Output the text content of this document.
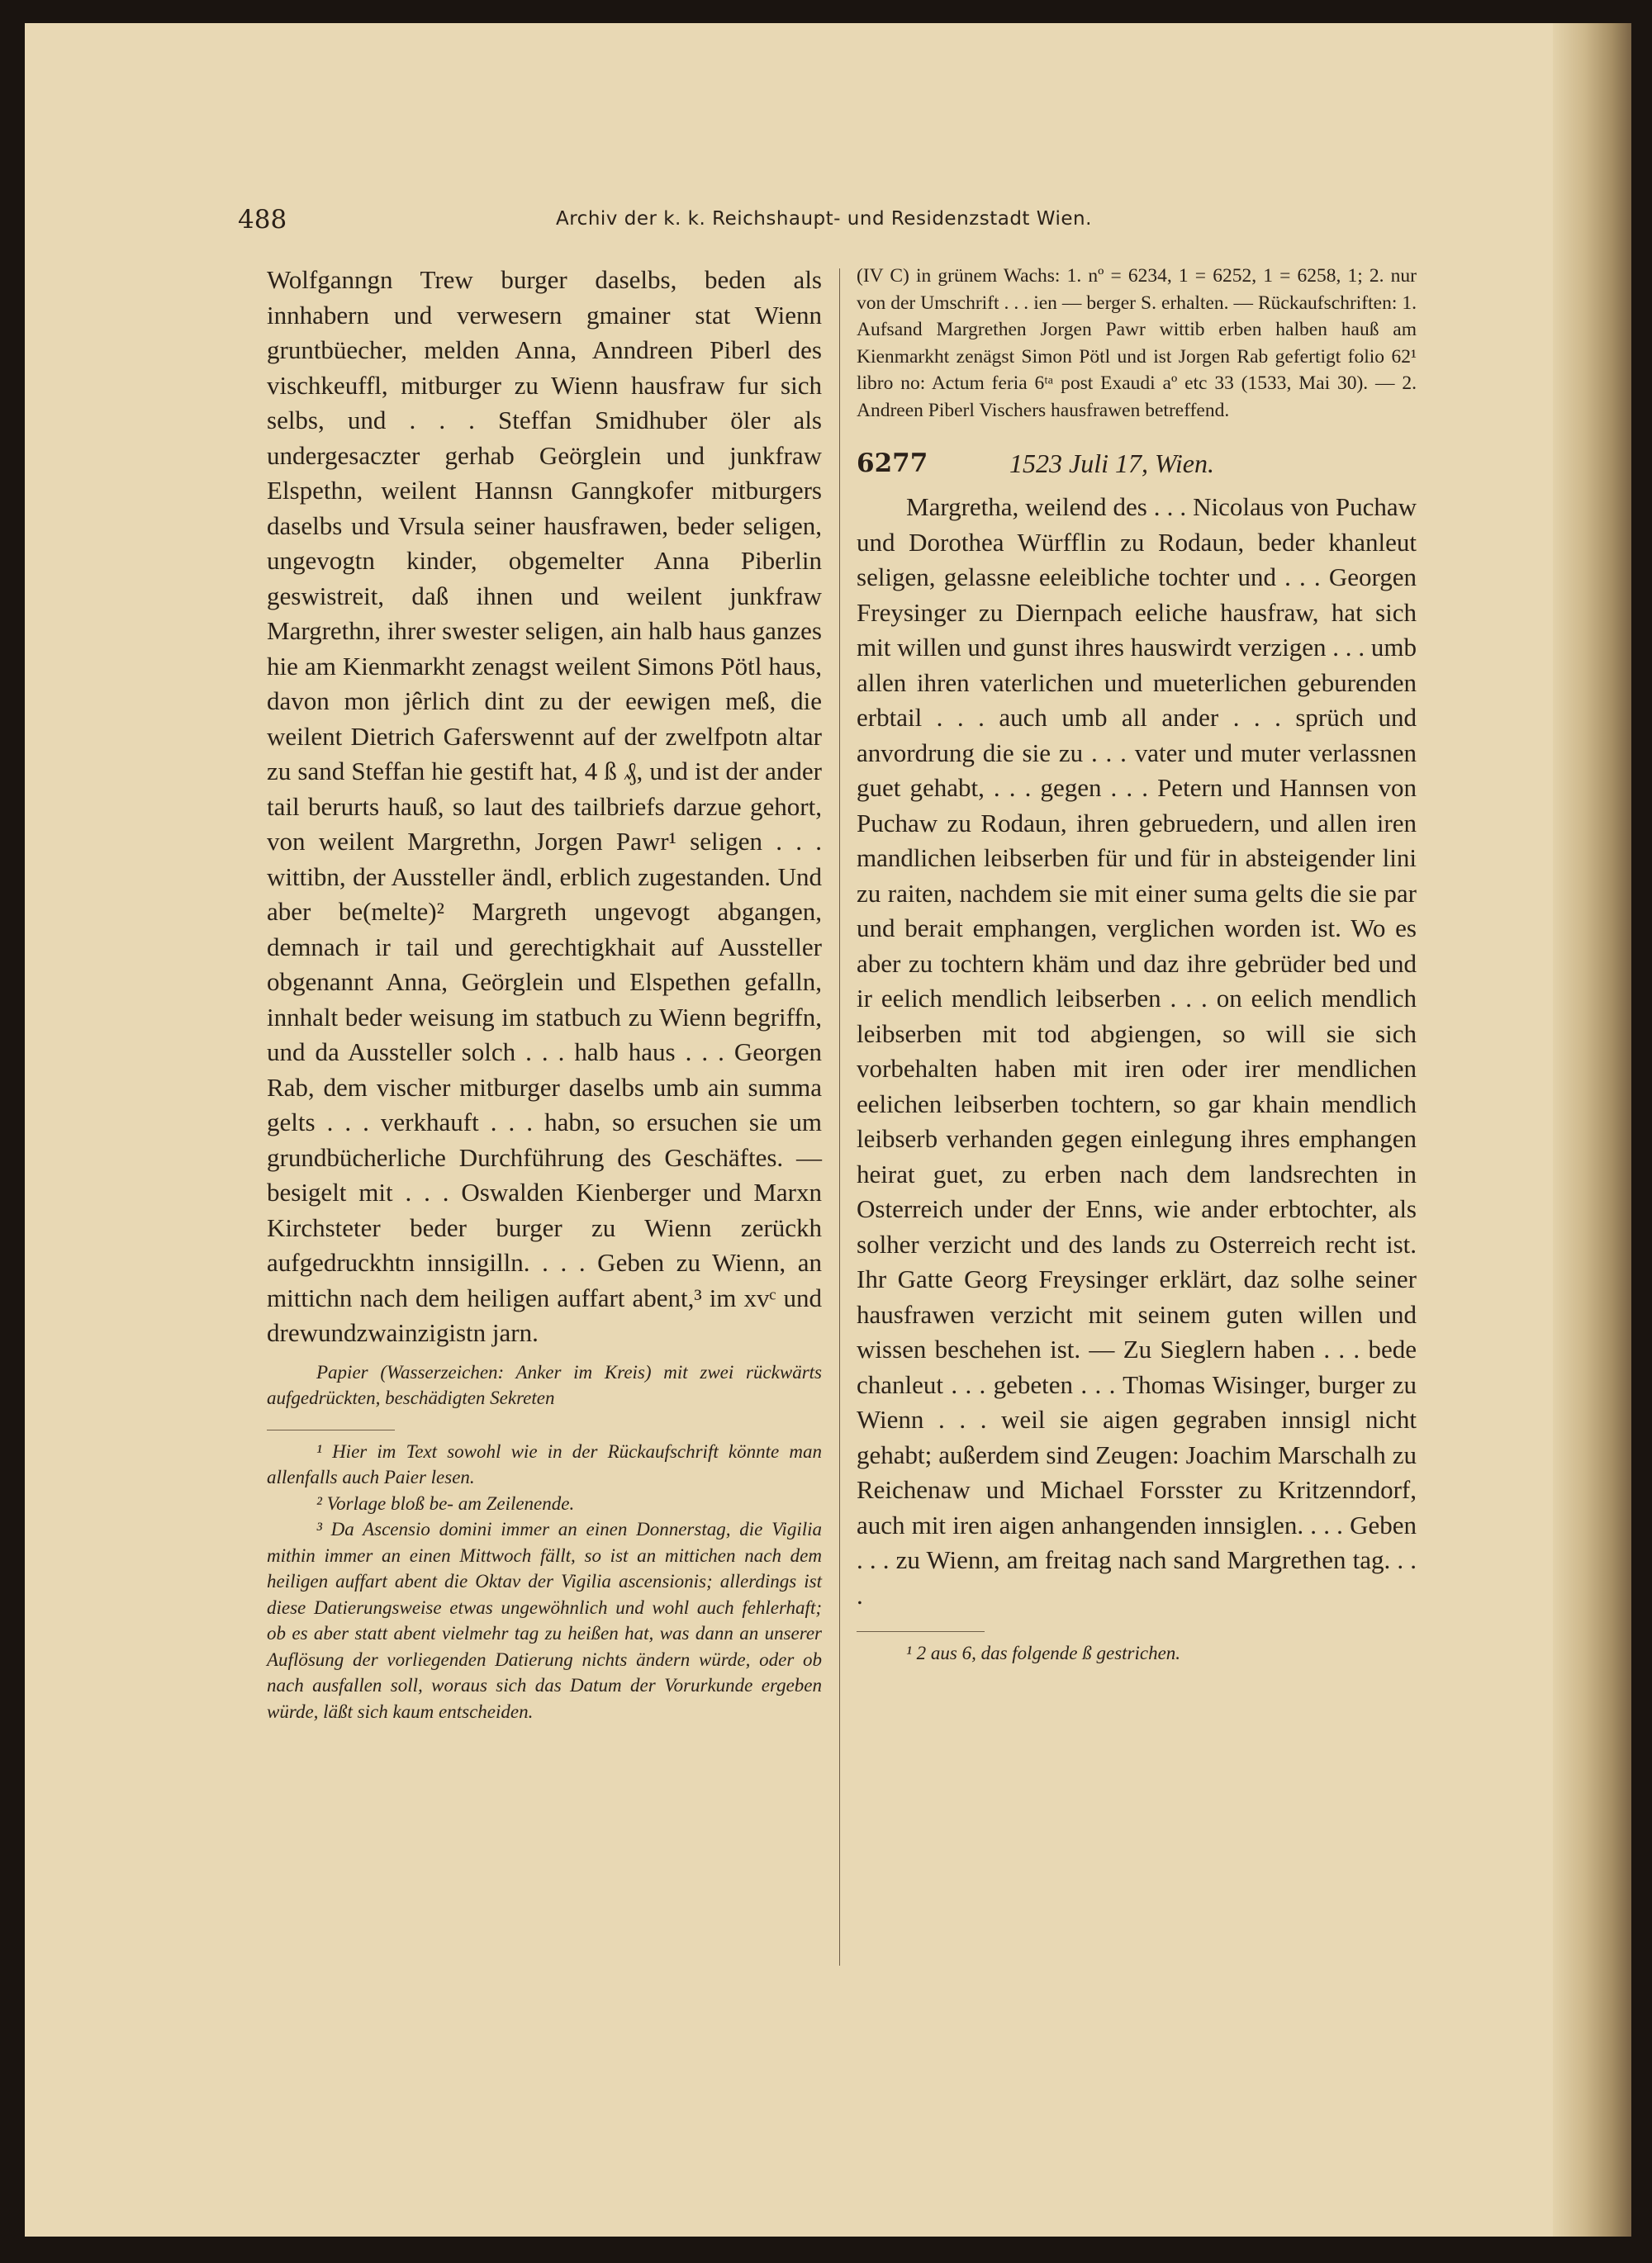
488	Archiv der k. k. Reichshaupt- und Residenzstadt Wien.

Wolfganngn Trew burger daselbs, beden als innhabern und verwesern gmainer stat Wienn gruntbüecher, melden Anna, Anndreen Piberl des vischkeuffl, mitburger zu Wienn hausfraw fur sich selbs, und . . . Steffan Smidhuber öler als undergesaczter gerhab Geörglein und junkfraw Elspethn, weilent Hannsn Ganngkofer mitburgers daselbs und Vrsula seiner hausfrawen, beder seligen, ungevogtn kinder, obgemelter Anna Piberlin geswistreit, daß ihnen und weilent junkfraw Margrethn, ihrer swester seligen, ain halb haus ganzes hie am Kienmarkht zenagst weilent Simons Pötl haus, davon mon jêrlich dint zu der eewigen meß, die weilent Dietrich Gaferswennt auf der zwelfpotn altar zu sand Steffan hie gestift hat, 4 ß ₰, und ist der ander tail berurts hauß, so laut des tailbriefs darzue gehort, von weilent Margrethn, Jorgen Pawr¹ seligen . . . wittibn, der Aussteller ändl, erblich zugestanden. Und aber be(melte)² Margreth ungevogt abgangen, demnach ir tail und gerechtigkhait auf Aussteller obgenannt Anna, Geörglein und Elspethen gefalln, innhalt beder weisung im statbuch zu Wienn begriffn, und da Aussteller solch . . . halb haus . . . Georgen Rab, dem vischer mitburger daselbs umb ain summa gelts . . . verkhauft . . . habn, so ersuchen sie um grundbücherliche Durchführung des Geschäftes. — besigelt mit . . . Oswalden Kienberger und Marxn Kirchsteter beder burger zu Wienn zerückh aufgedruckhtn innsigilln. . . . Geben zu Wienn, an mittichn nach dem heiligen auffart abent,³ im xvᶜ und drewundzwainzigistn jarn.

Papier (Wasserzeichen: Anker im Kreis) mit zwei rückwärts aufgedrückten, beschädigten Sekreten

¹ Hier im Text sowohl wie in der Rückaufschrift könnte man allenfalls auch Paier lesen.

² Vorlage bloß be- am Zeilenende.

³ Da Ascensio domini immer an einen Donnerstag, die Vigilia mithin immer an einen Mittwoch fällt, so ist an mittichen nach dem heiligen auffart abent die Oktav der Vigilia ascensionis; allerdings ist diese Datierungsweise etwas ungewöhnlich und wohl auch fehlerhaft; ob es aber statt abent vielmehr tag zu heißen hat, was dann an unserer Auflösung der vorliegenden Datierung nichts ändern würde, oder ob nach ausfallen soll, woraus sich das Datum der Vorurkunde ergeben würde, läßt sich kaum entscheiden.

(IV C) in grünem Wachs: 1. nº = 6234, 1 = 6252, 1 = 6258, 1; 2. nur von der Umschrift . . . ien — berger S. erhalten. — Rückaufschriften: 1. Aufsand Margrethen Jorgen Pawr wittib erben halben hauß am Kienmarkht zenägst Simon Pötl und ist Jorgen Rab gefertigt folio 62¹ libro no: Actum feria 6ᵗᵃ post Exaudi aº etc 33 (1533, Mai 30). — 2. Andreen Piberl Vischers hausfrawen betreffend.

6277	1523 Juli 17, Wien.

Margretha, weilend des . . . Nicolaus von Puchaw und Dorothea Würfflin zu Rodaun, beder khanleut seligen, gelassne eeleibliche tochter und . . . Georgen Freysinger zu Diernpach eeliche hausfraw, hat sich mit willen und gunst ihres hauswirdt verzigen . . . umb allen ihren vaterlichen und mueterlichen geburenden erbtail . . . auch umb all ander . . . sprüch und anvordrung die sie zu . . . vater und muter verlassnen guet gehabt, . . . gegen . . . Petern und Hannsen von Puchaw zu Rodaun, ihren gebruedern, und allen iren mandlichen leibserben für und für in absteigender lini zu raiten, nachdem sie mit einer suma gelts die sie par und berait emphangen, verglichen worden ist. Wo es aber zu tochtern khäm und daz ihre gebrüder bed und ir eelich mendlich leibserben . . . on eelich mendlich leibserben mit tod abgiengen, so will sie sich vorbehalten haben mit iren oder irer mendlichen eelichen leibserben tochtern, so gar khain mendlich leibserb verhanden gegen einlegung ihres emphangen heirat guet, zu erben nach dem landsrechten in Osterreich under der Enns, wie ander erbtochter, als solher verzicht und des lands zu Osterreich recht ist. Ihr Gatte Georg Freysinger erklärt, daz solhe seiner hausfrawen verzicht mit seinem guten willen und wissen beschehen ist. — Zu Sieglern haben . . . bede chanleut . . . gebeten . . . Thomas Wisinger, burger zu Wienn . . . weil sie aigen gegraben innsigl nicht gehabt; außerdem sind Zeugen: Joachim Marschalh zu Reichenaw und Michael Forsster zu Kritzenndorf, auch mit iren aigen anhangenden innsiglen. . . . Geben . . . zu Wienn, am freitag nach sand Margrethen tag. . . .

¹ 2 aus 6, das folgende ß gestrichen.
